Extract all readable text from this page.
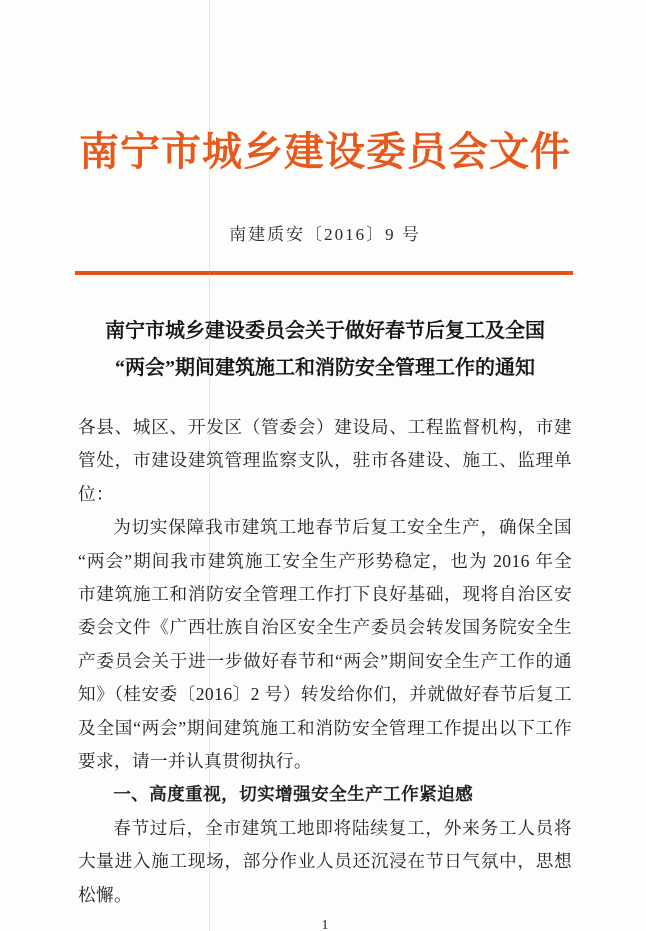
南宁市城乡建设委员会文件
南建质安〔2016〕9 号
南宁市城乡建设委员会关于做好春节后复工及全国
“两会”期间建筑施工和消防安全管理工作的通知

各县、城区、开发区（管委会）建设局、工程监督机构，市建管处，市建设建筑管理监察支队，驻市各建设、施工、监理单位：

为切实保障我市建筑工地春节后复工安全生产，确保全国“两会”期间我市建筑施工安全生产形势稳定，也为 2016 年全市建筑施工和消防安全管理工作打下良好基础，现将自治区安委会文件《广西壮族自治区安全生产委员会转发国务院安全生产委员会关于进一步做好春节和“两会”期间安全生产工作的通知》（桂安委〔2016〕2 号）转发给你们，并就做好春节后复工及全国“两会”期间建筑施工和消防安全管理工作提出以下工作要求，请一并认真贯彻执行。

一、高度重视，切实增强安全生产工作紧迫感

春节过后，全市建筑工地即将陆续复工，外来务工人员将大量进入施工现场，部分作业人员还沉浸在节日气氛中，思想松懈。

1
